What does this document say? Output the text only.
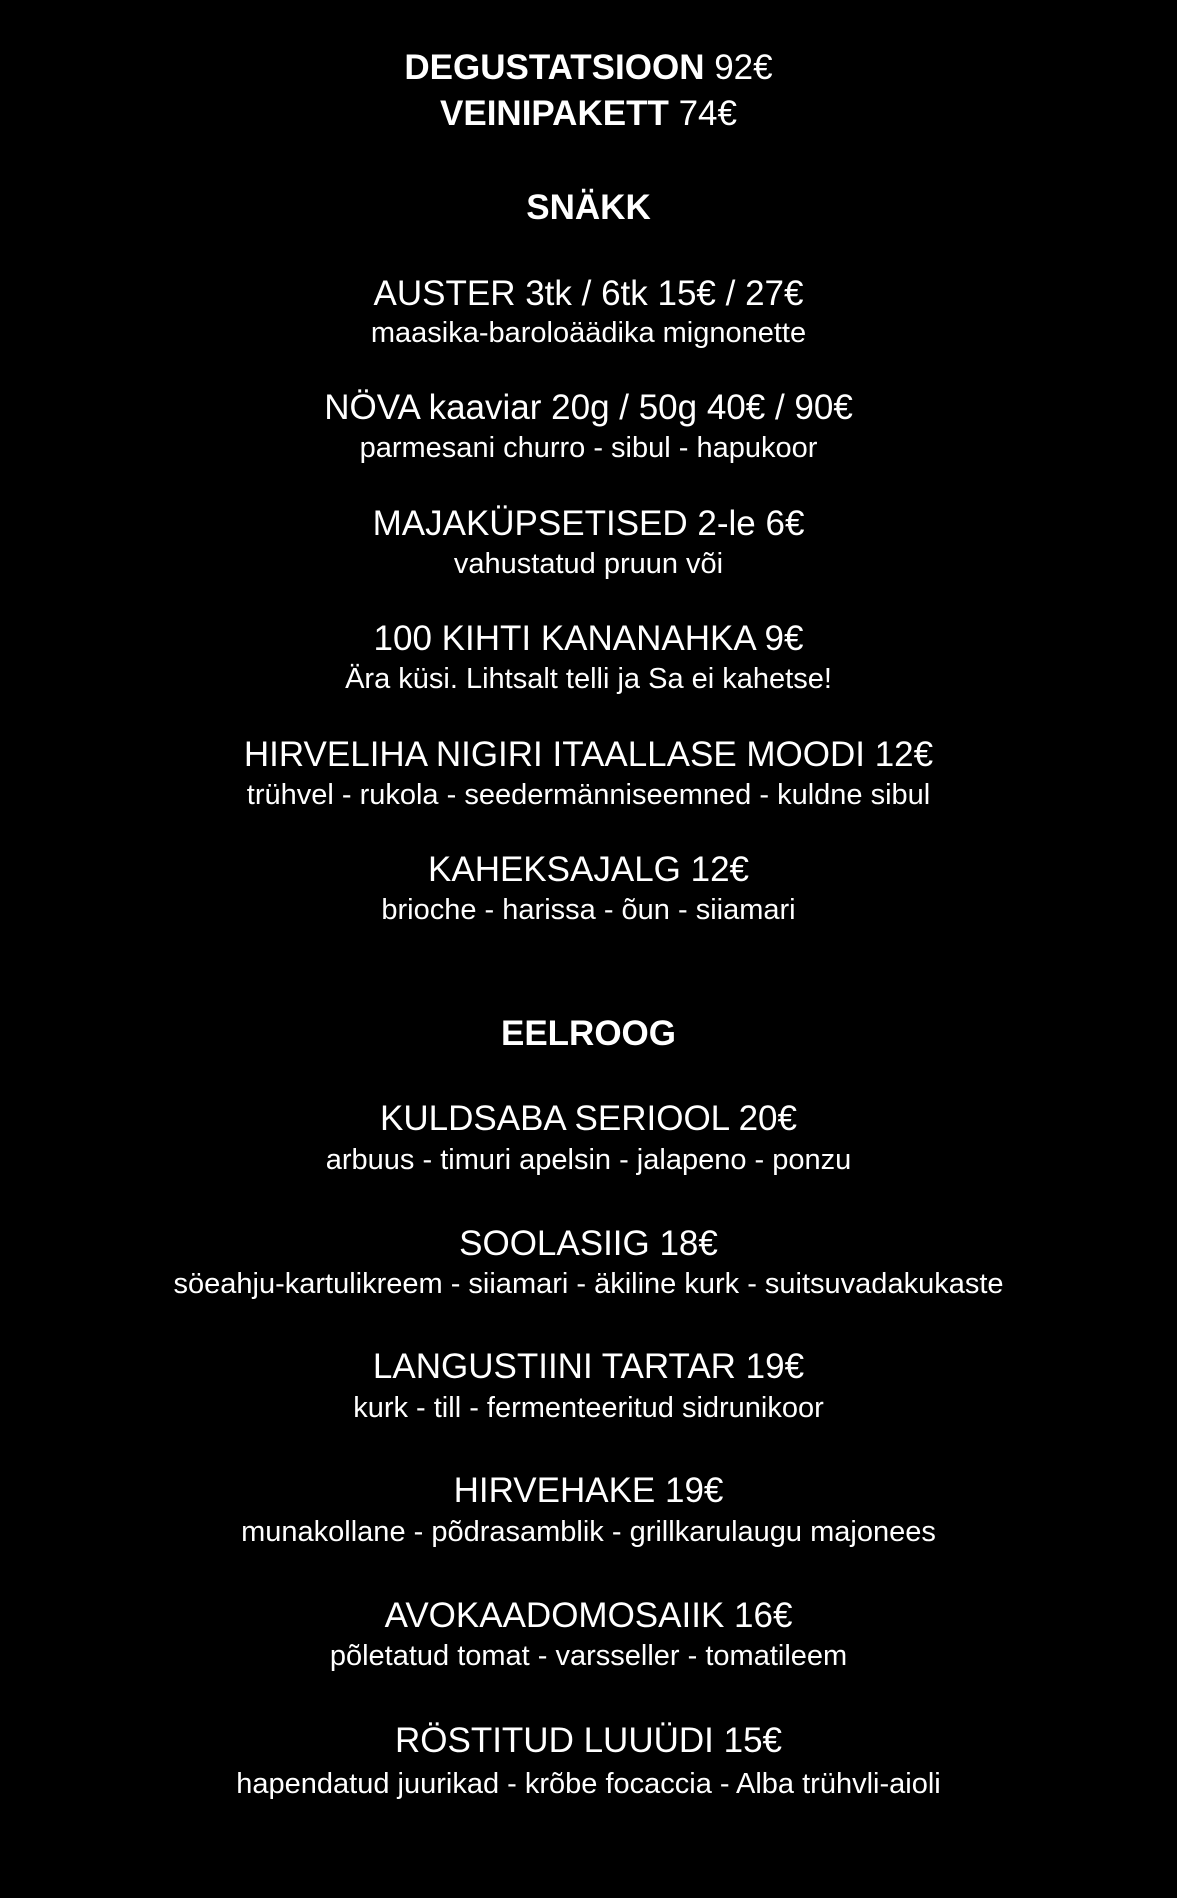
DEGUSTATSIOON 92€
VEINIPAKETT 74€
SNÄKK
AUSTER 3tk / 6tk 15€ / 27€
maasika-baroloäädika mignonette
NÖVA kaaviar 20g / 50g 40€ / 90€
parmesani churro - sibul - hapukoor
MAJAKÜPSETISED 2-le 6€
vahustatud pruun või
100 KIHTI KANANAHKA 9€
Ära küsi. Lihtsalt telli ja Sa ei kahetse!
HIRVELIHA NIGIRI ITAALLASE MOODI 12€
trühvel - rukola - seedermänniseemned - kuldne sibul
KAHEKSAJALG 12€
brioche - harissa - õun - siiamari
EELROOG
KULDSABA SERIOOL 20€
arbuus - timuri apelsin - jalapeno - ponzu
SOOLASIIG 18€
söeahju-kartulikreem - siiamari - äkiline kurk - suitsuvadakukaste
LANGUSTIINI TARTAR 19€
kurk - till - fermenteeritud sidrunikoor
HIRVEHAKE 19€
munakollane - põdrasamblik - grillkarulaugu majonees
AVOKAADOMOSAIIK 16€
põletatud tomat - varsseller - tomatileem
RÖSTITUD LUUÜDI 15€
hapendatud juurikad - krõbe focaccia - Alba trühvli-aioli
